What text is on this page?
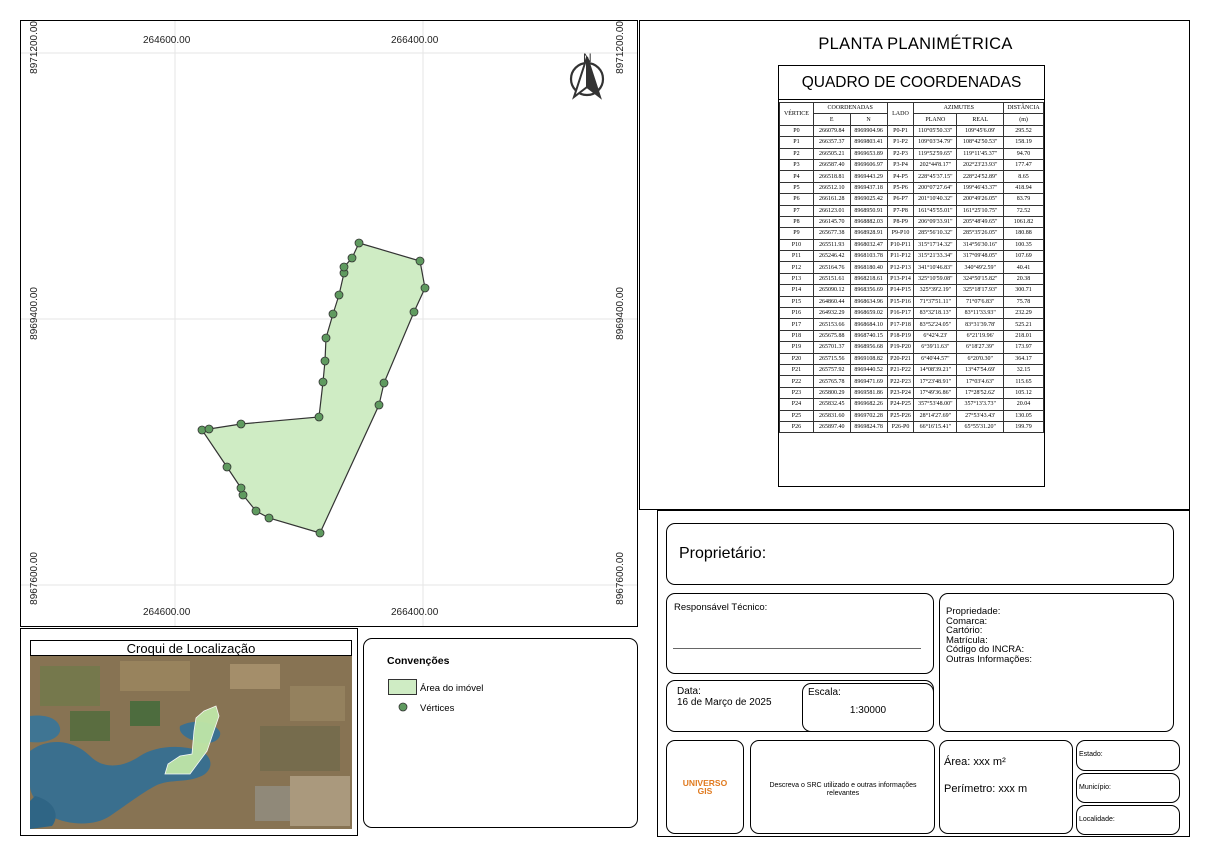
N
264600.00	266400.00
264600.00	266400.00
8971200.00
8969400.00
8967600.00
8971200.00
8969400.00
8967600.00
PLANTA PLANIMÉTRICA
QUADRO DE COORDENADAS
VÉRTICE	COORDENADAS		LADO	AZIMUTES		DISTÂNCIA
	E	N		PLANO	REAL	(m)
P0	266079.84	8969904.96	P0-P1	110°05'50.33"	109°45'6.09'	295.52
P1	266357.37	8969803.41	P1-P2	109°03'34.79"	108°42'50.53"	158.19
P2	266505.21	8969653.89	P2-P3	119°52'59.65"	119°11'45.37"	94.70
P3	266587.40	8969606.97	P3-P4	202°44'8.17"	202°23'23.93"	177.47
P4	266518.81	8969443.29	P4-P5	228°45'37.15"	228°24'52.89"	8.65
P5	266512.10	8969437.18	P5-P6	200°07'27.64"	199°46'43.37"	418.94
P6	266161.28	8969025.42	P6-P7	201°10'40.32"	200°49'26.05"	83.79
P7	266123.01	8968950.91	P7-P8	161°45'55.01"	161°25'10.75"	72.52
P8	266145.70	8968882.03	P8-P9	206°09'33.91"	205°48'49.65"	1061.82
P9	265677.38	8968928.91	P9-P10	285°56'10.32"	285°35'26.05"	180.88
P10	265511.93	8968032.47	P10-P11	315°17'14.32"	314°56'30.16"	100.35
P11	265246.42	8968103.78	P11-P12	315°21'33.34"	317°09'48.05"	107.69
P12	265164.76	8968180.40	P12-P13	341°10'46.83"	340°49'2.59"	40.41
P13	265151.61	8968218.61	P13-P14	325°10'59.08"	324°50'15.82"	20.38
P14	265090.12	8968356.69	P14-P15	325°39'2.19"	325°18'17.93"	300.71
P15	264860.44	8968634.96	P15-P16	71°37'51.11"	71°07'6.83"	75.78
P16	264932.29	8968659.02	P16-P17	83°32'18.13"	83°11'33.93"	232.29
P17	265153.66	8968684.10	P17-P18	83°52'24.05"	83°31'39.78'	525.21
P18	265675.88	8968740.15	P18-P19	6°42'4.23'	6°21'19.96'	218.01
P19	265701.37	8968956.68	P19-P20	6°39'11.63"	6°18'27.39"	173.97
P20	265715.56	8969108.82	P20-P21	6°40'44.57"	6°20'0.30"	364.17
P21	265757.92	8969440.52	P21-P22	14°08'39.21"	13°47'54.69'	32.15
P22	265765.78	8969471.69	P22-P23	17°23'48.91"	17°03'4.63"	115.65
P23	265800.29	8969581.86	P23-P24	17°49'36.86"	17°28'52.62'	105.12
P24	265832.45	8969682.26	P24-P25	357°53'48.00"	357°13'3.73"	20.04
P25	265831.60	8969702.28	P25-P26	28°14'27.69"	27°53'43.43'	130.05
P26	265897.40	8969824.78	P26-P0	66°16'15.41"	65°55'31.20"	199.79
Croqui de Localização
Convenções
Área do imóvel
Vértices
Proprietário:
Responsável Técnico:	Propriedade:
Comarca:
Cartório:
Matrícula:
Código do INCRA:
Outras Informações:
Data:
16 de Março de 2025
Escala:
1:30000
UNIVERSO
GIS
Descreva o SRC utilizado e outras informações relevantes
Área: xxx m²
Perímetro: xxx m
Estado:
Município:
Localidade:
